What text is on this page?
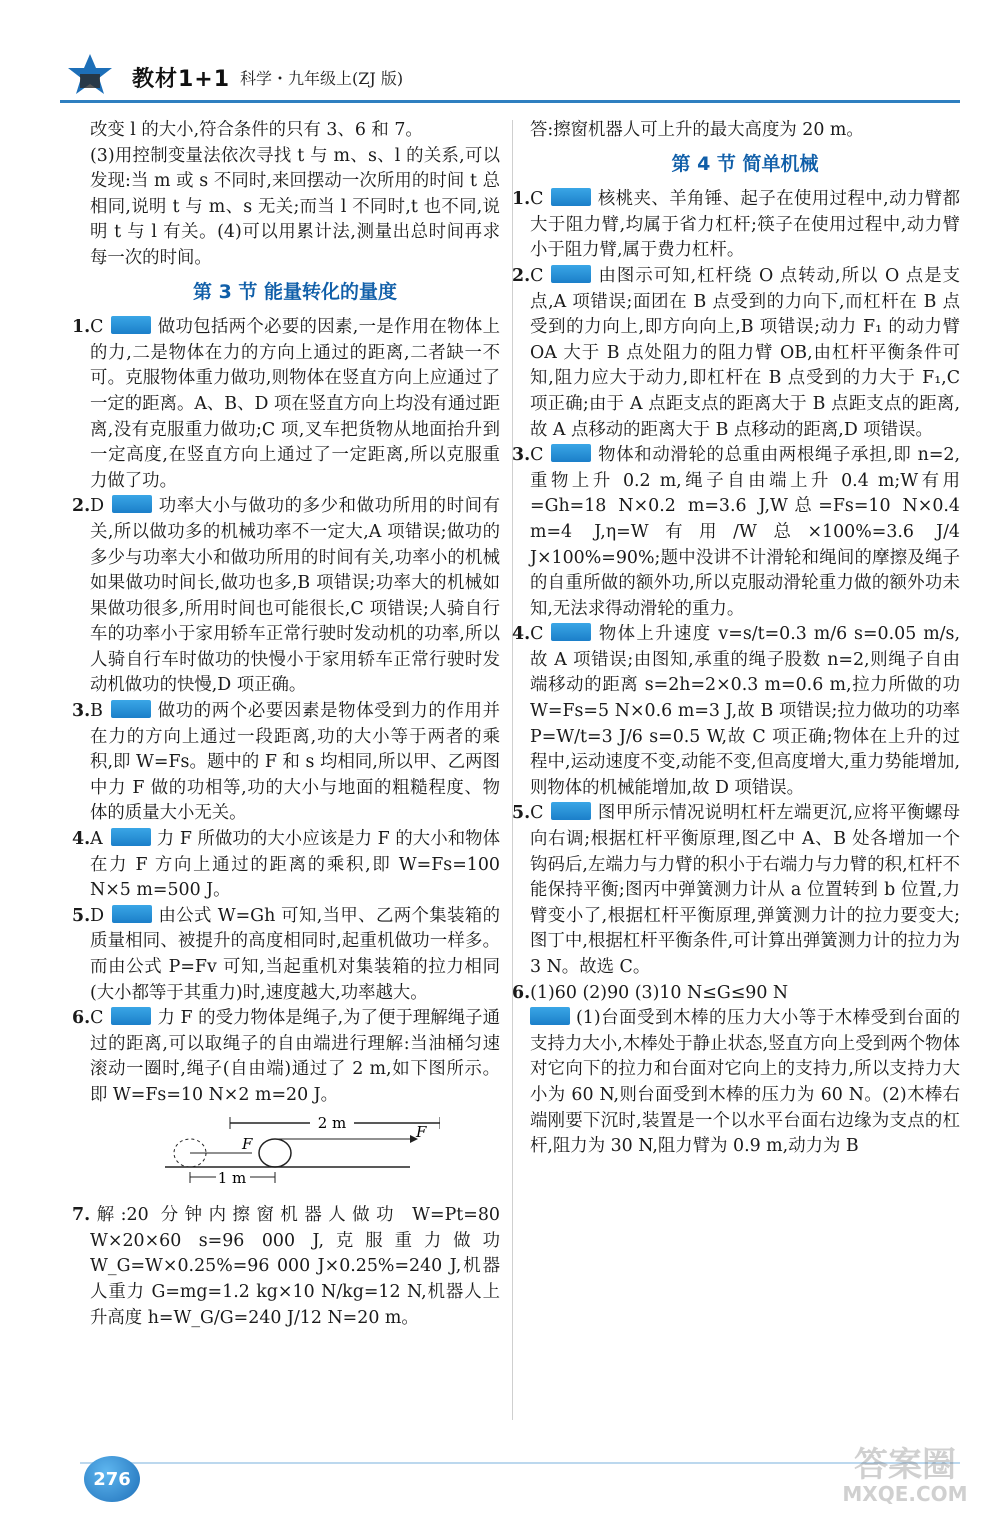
教材1+1 科学・九年级上(ZJ 版)

改变 l 的大小,符合条件的只有 3、6 和 7。

(3)用控制变量法依次寻找 t 与 m、s、l 的关系,可以发现:当 m 或 s 不同时,来回摆动一次所用的时间 t 总相同,说明 t 与 m、s 无关;而当 l 不同时,t 也不同,说明 t 与 l 有关。(4)可以用累计法,测量出总时间再求每一次的时间。

第 3 节 能量转化的量度

1.C	做功包括两个必要的因素,一是作用在物体上的力,二是物体在力的方向上通过的距离,二者缺一不可。克服物体重力做功,则物体在竖直方向上应通过了一定的距离。A、B、D 项在竖直方向上均没有通过距离,没有克服重力做功;C 项,叉车把货物从地面抬升到一定高度,在竖直方向上通过了一定距离,所以克服重力做了功。

2.D	功率大小与做功的多少和做功所用的时间有关,所以做功多的机械功率不一定大,A 项错误;做功的多少与功率大小和做功所用的时间有关,功率小的机械如果做功时间长,做功也多,B 项错误;功率大的机械如果做功很多,所用时间也可能很长,C 项错误;人骑自行车的功率小于家用轿车正常行驶时发动机的功率,所以人骑自行车时做功的快慢小于家用轿车正常行驶时发动机做功的快慢,D 项正确。

3.B	做功的两个必要因素是物体受到力的作用并在力的方向上通过一段距离,功的大小等于两者的乘积,即 W=Fs。题中的 F 和 s 均相同,所以甲、乙两图中力 F 做的功相等,功的大小与地面的粗糙程度、物体的质量大小无关。

4.A	力 F 所做功的大小应该是力 F 的大小和物体在力 F 方向上通过的距离的乘积,即 W=Fs=100 N×5 m=500 J。

5.D	由公式 W=Gh 可知,当甲、乙两个集装箱的质量相同、被提升的高度相同时,起重机做功一样多。而由公式 P=Fv 可知,当起重机对集装箱的拉力相同(大小都等于其重力)时,速度越大,功率越大。

6.C	力 F 的受力物体是绳子,为了便于理解绳子通过的距离,可以取绳子的自由端进行理解:当油桶匀速滚动一圈时,绳子(自由端)通过了 2 m,如下图所示。即 W=Fs=10 N×2 m=20 J。

2 m
F
F
1 m

7.解:20 分钟内擦窗机器人做功 W=Pt=80 W×20×60 s=96 000 J,克服重力做功 W_G=W×0.25%=96 000 J×0.25%=240 J,机器人重力 G=mg=1.2 kg×10 N/kg=12 N,机器人上升高度 h=W_G/G=240 J/12 N=20 m。

答:擦窗机器人可上升的最大高度为 20 m。

第 4 节 简单机械

1.C	核桃夹、羊角锤、起子在使用过程中,动力臂都大于阻力臂,均属于省力杠杆;筷子在使用过程中,动力臂小于阻力臂,属于费力杠杆。

2.C	由图示可知,杠杆绕 O 点转动,所以 O 点是支点,A 项错误;面团在 B 点受到的力向下,而杠杆在 B 点受到的力向上,即方向向上,B 项错误;动力 F₁ 的动力臂 OA 大于 B 点处阻力的阻力臂 OB,由杠杆平衡条件可知,阻力应大于动力,即杠杆在 B 点受到的力大于 F₁,C 项正确;由于 A 点距支点的距离大于 B 点距支点的距离,故 A 点移动的距离大于 B 点移动的距离,D 项错误。

3.C	物体和动滑轮的总重由两根绳子承担,即 n=2,重物上升 0.2 m,绳子自由端上升 0.4 m;W有用=Gh=18 N×0.2 m=3.6 J,W总=Fs=10 N×0.4 m=4 J,η=W有用/W总×100%=3.6 J/4 J×100%=90%;题中没讲不计滑轮和绳间的摩擦及绳子的自重所做的额外功,所以克服动滑轮重力做的额外功未知,无法求得动滑轮的重力。

4.C	物体上升速度 v=s/t=0.3 m/6 s=0.05 m/s,故 A 项错误;由图知,承重的绳子股数 n=2,则绳子自由端移动的距离 s=2h=2×0.3 m=0.6 m,拉力所做的功 W=Fs=5 N×0.6 m=3 J,故 B 项错误;拉力做功的功率 P=W/t=3 J/6 s=0.5 W,故 C 项正确;物体在上升的过程中,运动速度不变,动能不变,但高度增大,重力势能增加,则物体的机械能增加,故 D 项错误。

5.C	图甲所示情况说明杠杆左端更沉,应将平衡螺母向右调;根据杠杆平衡原理,图乙中 A、B 处各增加一个钩码后,左端力与力臂的积小于右端力与力臂的积,杠杆不能保持平衡;图丙中弹簧测力计从 a 位置转到 b 位置,力臂变小了,根据杠杆平衡原理,弹簧测力计的拉力要变大;图丁中,根据杠杆平衡条件,可计算出弹簧测力计的拉力为 3 N。故选 C。

6.(1)60 (2)90 (3)10 N≤G≤90 N

(1)台面受到木棒的压力大小等于木棒受到台面的支持力大小,木棒处于静止状态,竖直方向上受到两个物体对它向下的拉力和台面对它向上的支持力,所以支持力大小为 60 N,则台面受到木棒的压力为 60 N。(2)木棒右端刚要下沉时,装置是一个以水平台面右边缘为支点的杠杆,阻力为 30 N,阻力臂为 0.9 m,动力为 B

276	答案圈
MXQE.COM
